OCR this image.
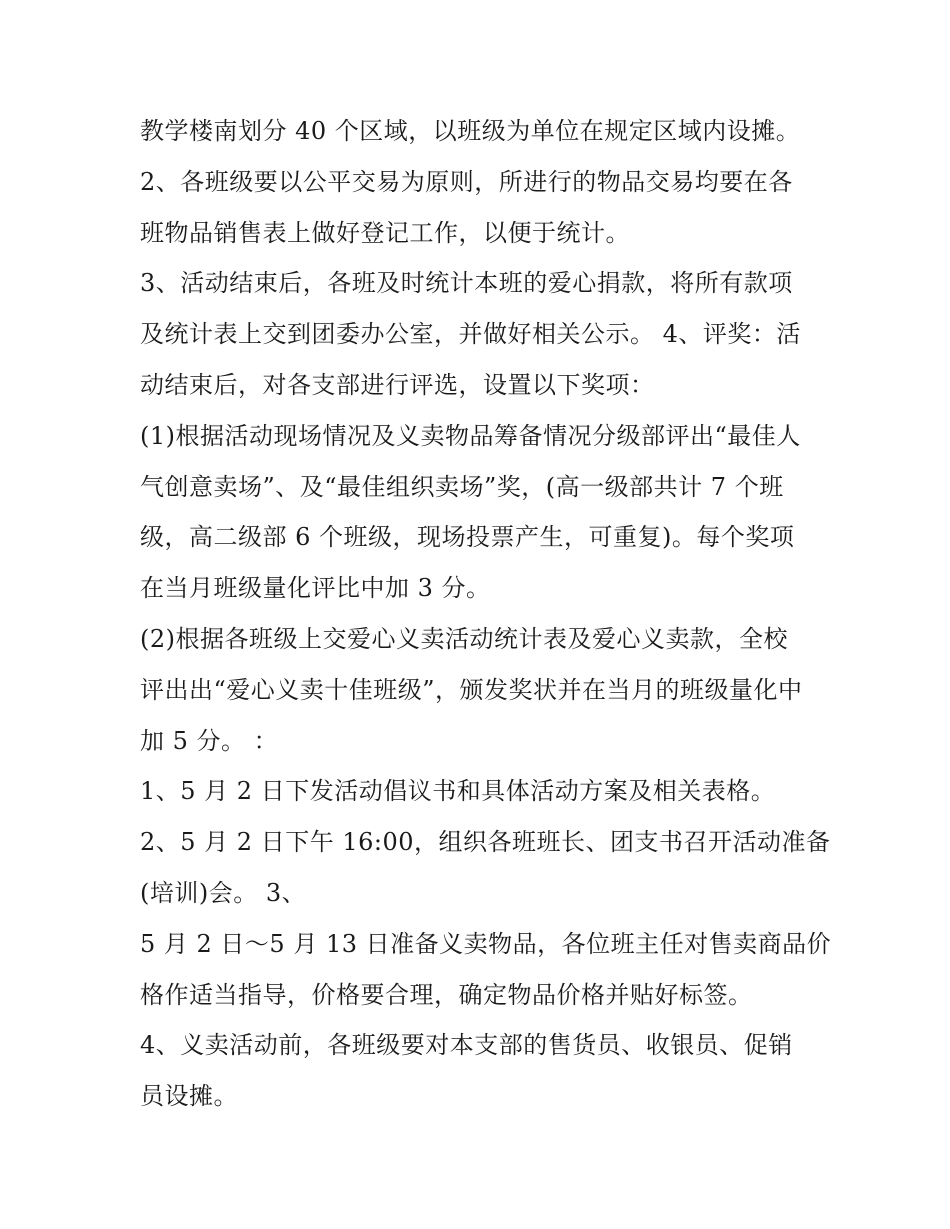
教学楼南划分 40 个区域，以班级为单位在规定区域内设摊。
2、各班级要以公平交易为原则，所进行的物品交易均要在各
班物品销售表上做好登记工作，以便于统计。
3、活动结束后，各班及时统计本班的爱心捐款，将所有款项
及统计表上交到团委办公室，并做好相关公示。 4、评奖：活
动结束后，对各支部进行评选，设置以下奖项：
(1)根据活动现场情况及义卖物品筹备情况分级部评出“最佳人
气创意卖场”、及“最佳组织卖场”奖，(高一级部共计 7 个班
级，高二级部 6 个班级，现场投票产生，可重复)。每个奖项
在当月班级量化评比中加 3 分。
(2)根据各班级上交爱心义卖活动统计表及爱心义卖款，全校
评出出“爱心义卖十佳班级”，颁发奖状并在当月的班级量化中
加 5 分。 ：
1、5 月 2 日下发活动倡议书和具体活动方案及相关表格。
2、5 月 2 日下午 16:00，组织各班班长、团支书召开活动准备
(培训)会。 3、
5 月 2 日～5 月 13 日准备义卖物品，各位班主任对售卖商品价
格作适当指导，价格要合理，确定物品价格并贴好标签。
4、义卖活动前，各班级要对本支部的售货员、收银员、促销
员设摊。
